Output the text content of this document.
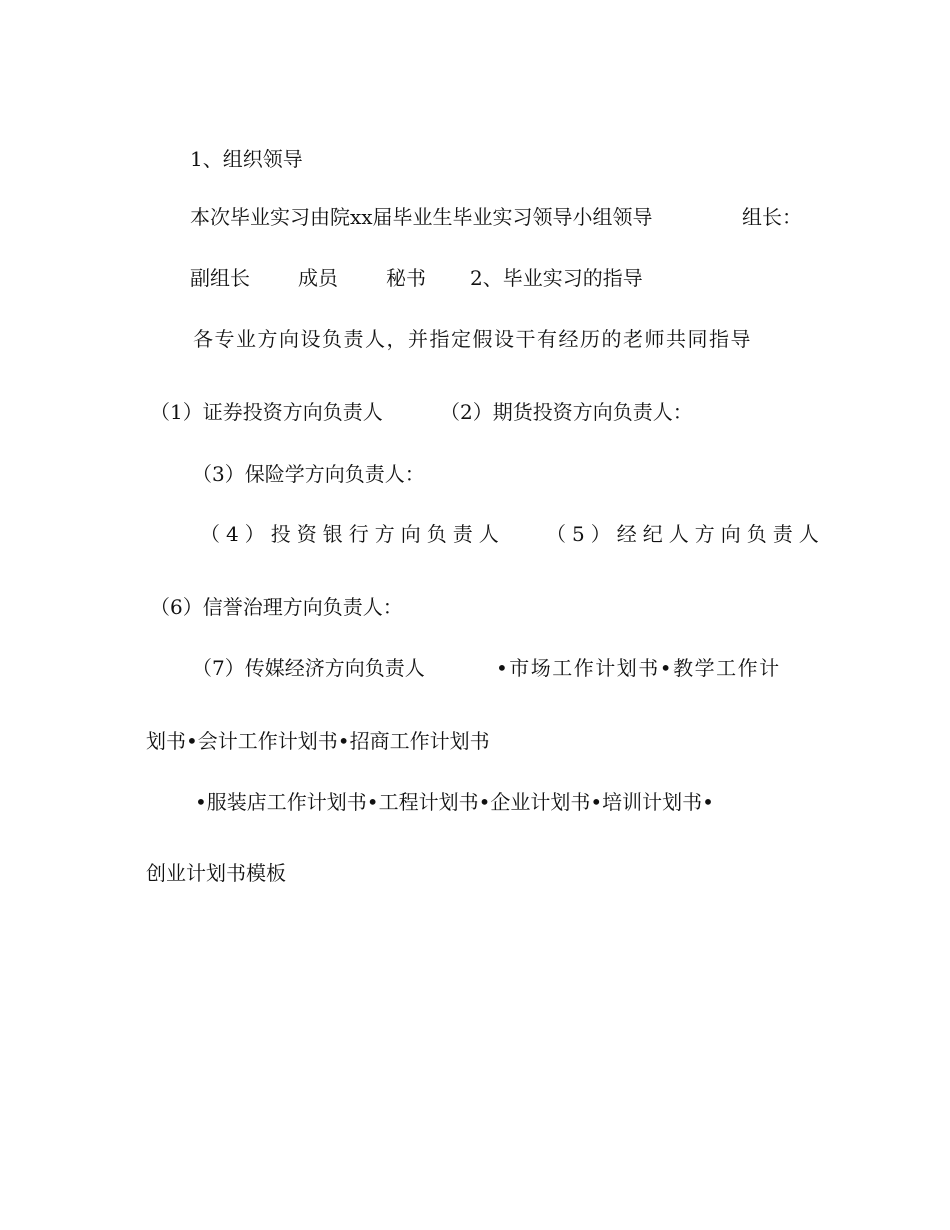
1、组织领导

本次毕业实习由院xx届毕业生毕业实习领导小组领导	组长：
副组长 成员 秘书 2、毕业实习的指导

各专业方向设负责人，并指定假设干有经历的老师共同指导

（1）证券投资方向负责人	（2）期货投资方向负责人：

（3）保险学方向负责人：

（4）投资银行方向负责人 （5）经纪人方向负责人

（6）信誉治理方向负责人：

（7）传媒经济方向负责人	•市场工作计划书•教学工作计

划书•会计工作计划书•招商工作计划书

•服装店工作计划书•工程计划书•企业计划书•培训计划书•

创业计划书模板
